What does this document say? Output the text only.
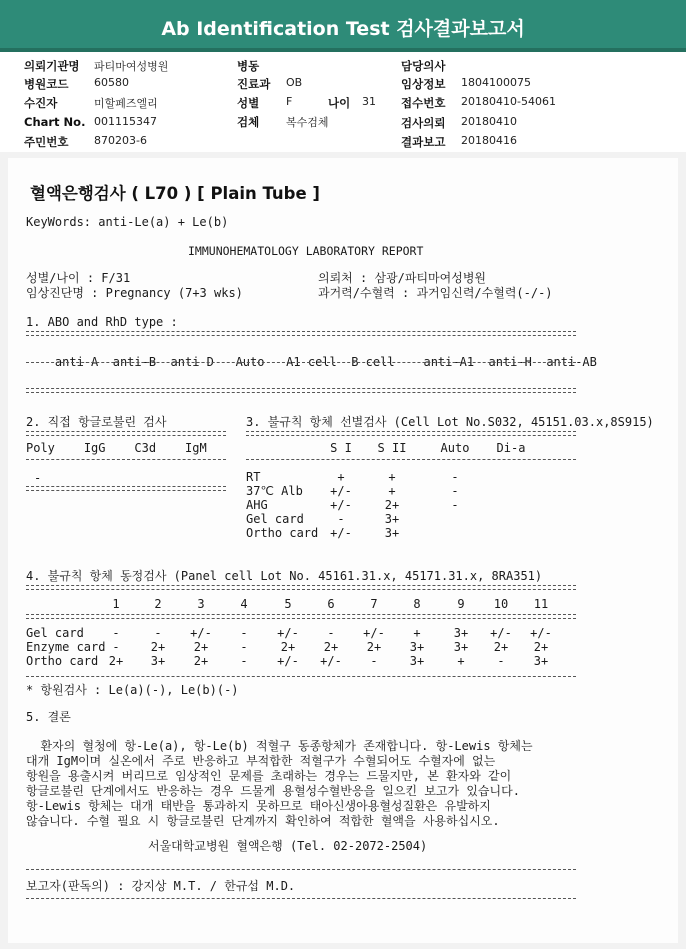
Ab Identification Test 검사결과보고서
의뢰기관명 파티마여성병원
병원코드 60580
수진자	미할페즈엘리
Chart No. 001115347
주민번호 870203-6
병동
진료과 OB
성별 F	나이 31
검체 복수검체
담당의사
임상정보 1804100075
접수번호 20180410-54061
검사의뢰 20180410
결과보고 20180416
혈액은행검사 ( L70 ) [ Plain Tube ]
KeyWords: anti-Le(a) + Le(b)
IMMUNOHEMATOLOGY LABORATORY REPORT
성별/나이 : F/31
임상진단명 : Pregnancy (7+3 wks)
의뢰처 : 삼광/파티마여성병원
과거력/수혈력 : 과거임신력/수혈력(-/-)
1. ABO and RhD type :

anti-A anti-B anti-D Auto A1 cell B cell anti-A1 anti-H anti-AB

2. 직접 항글로불린 검사
Poly IgG C3d IgM
-
3. 불규칙 항체 선별검사 (Cell Lot No.S032, 45151.03.x,8S915)
S I	S II	Auto	Di-a
RT	+	+	-
37℃ Alb	+/-	+	-
AHG	+/-	2+	-
Gel card	-	3+
Ortho card +/-	3+
4. 불규칙 항체 동정검사 (Panel cell Lot No. 45161.31.x, 45171.31.x, 8RA351)
1	2	3	4	5	6	7	8	9	10	11
Gel card	-	-	+/-	-	+/-	-	+/-	+	3+	+/-	+/-
Enzyme card -	2+	2+	-	2+	2+	2+	3+	3+	2+	2+
Ortho card 2+	3+	2+	-	+/-	+/-	-	3+	+	-	3+
* 항원검사 : Le(a)(-), Le(b)(-)
5. 결론
환자의 혈청에 항-Le(a), 항-Le(b) 적혈구 동종항체가 존재합니다. 항-Lewis 항체는
대개 IgM이며 실온에서 주로 반응하고 부적합한 적혈구가 수혈되어도 수혈자에 없는
항원을 용출시켜 버리므로 임상적인 문제를 초래하는 경우는 드물지만, 본 환자와 같이
항글로불린 단계에서도 반응하는 경우 드물게 용혈성수혈반응을 일으킨 보고가 있습니다.
항-Lewis 항체는 대개 태반을 통과하지 못하므로 태아신생아용혈성질환은 유발하지
않습니다. 수혈 필요 시 항글로불린 단계까지 확인하여 적합한 혈액을 사용하십시오.
서울대학교병원 혈액은행 (Tel. 02-2072-2504)
보고자(판독의) : 강지상 M.T. / 한규섭 M.D.
